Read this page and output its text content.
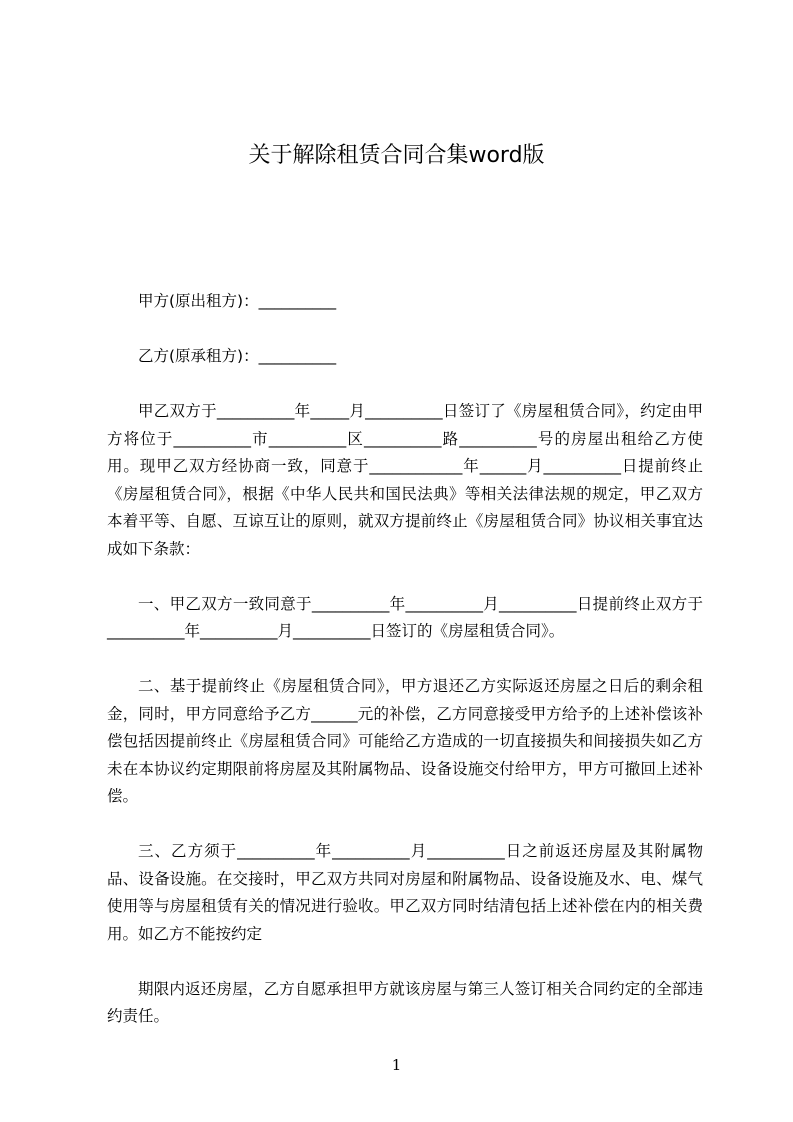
关于解除租赁合同合集word版

甲方(原出租方)：__________

乙方(原承租方)：__________

甲乙双方于__________年_____月__________日签订了《房屋租赁合同》，约定由甲方将位于__________市__________区__________路__________号的房屋出租给乙方使用。现甲乙双方经协商一致，同意于____________年______月__________日提前终止《房屋租赁合同》，根据《中华人民共和国民法典》等相关法律法规的规定，甲乙双方本着平等、自愿、互谅互让的原则，就双方提前终止《房屋租赁合同》协议相关事宜达成如下条款：

一、甲乙双方一致同意于__________年__________月__________日提前终止双方于__________年__________月__________日签订的《房屋租赁合同》。

二、基于提前终止《房屋租赁合同》，甲方退还乙方实际返还房屋之日后的剩余租金，同时，甲方同意给予乙方______元的补偿，乙方同意接受甲方给予的上述补偿该补偿包括因提前终止《房屋租赁合同》可能给乙方造成的一切直接损失和间接损失如乙方未在本协议约定期限前将房屋及其附属物品、设备设施交付给甲方，甲方可撤回上述补偿。

三、乙方须于__________年__________月__________日之前返还房屋及其附属物品、设备设施。在交接时，甲乙双方共同对房屋和附属物品、设备设施及水、电、煤气使用等与房屋租赁有关的情况进行验收。甲乙双方同时结清包括上述补偿在内的相关费用。如乙方不能按约定

期限内返还房屋，乙方自愿承担甲方就该房屋与第三人签订相关合同约定的全部违约责任。

1
